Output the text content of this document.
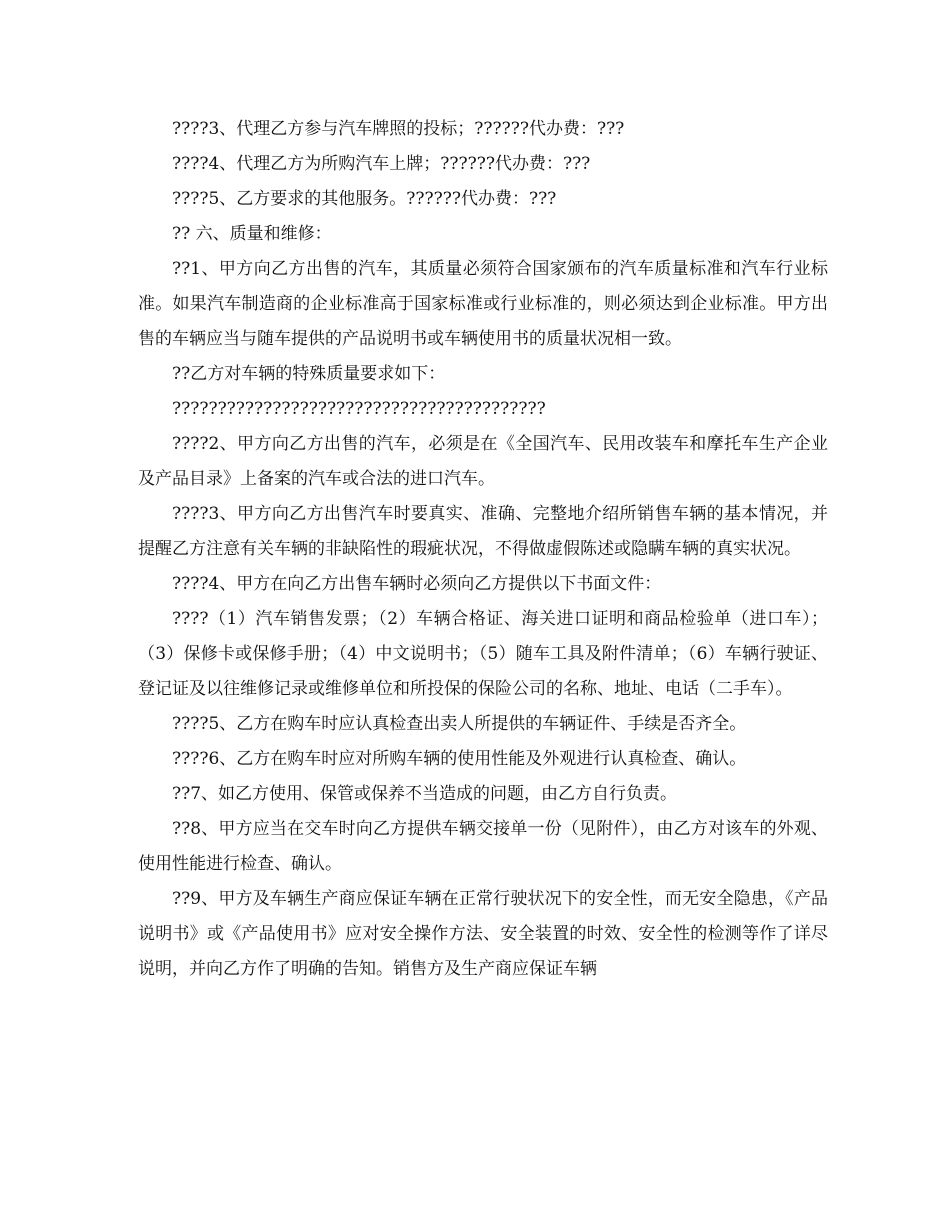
????3、代理乙方参与汽车牌照的投标；??????代办费：???

????4、代理乙方为所购汽车上牌；??????代办费：???

????5、乙方要求的其他服务。??????代办费：???

?? 六、质量和维修：

??1、甲方向乙方出售的汽车，其质量必须符合国家颁布的汽车质量标准和汽车行业标准。如果汽车制造商的企业标准高于国家标准或行业标准的，则必须达到企业标准。甲方出售的车辆应当与随车提供的产品说明书或车辆使用书的质量状况相一致。

??乙方对车辆的特殊质量要求如下：

?????????????????????????????????????????

????2、甲方向乙方出售的汽车，必须是在《全国汽车、民用改装车和摩托车生产企业及产品目录》上备案的汽车或合法的进口汽车。

????3、甲方向乙方出售汽车时要真实、准确、完整地介绍所销售车辆的基本情况，并提醒乙方注意有关车辆的非缺陷性的瑕疵状况，不得做虚假陈述或隐瞒车辆的真实状况。

????4、甲方在向乙方出售车辆时必须向乙方提供以下书面文件：

????（1）汽车销售发票；（2）车辆合格证、海关进口证明和商品检验单（进口车）；（3）保修卡或保修手册；（4）中文说明书；（5）随车工具及附件清单；（6）车辆行驶证、登记证及以往维修记录或维修单位和所投保的保险公司的名称、地址、电话（二手车）。

????5、乙方在购车时应认真检查出卖人所提供的车辆证件、手续是否齐全。

????6、乙方在购车时应对所购车辆的使用性能及外观进行认真检查、确认。

??7、如乙方使用、保管或保养不当造成的问题，由乙方自行负责。

??8、甲方应当在交车时向乙方提供车辆交接单一份（见附件），由乙方对该车的外观、使用性能进行检查、确认。

??9、甲方及车辆生产商应保证车辆在正常行驶状况下的安全性，而无安全隐患，《产品说明书》或《产品使用书》应对安全操作方法、安全装置的时效、安全性的检测等作了详尽说明，并向乙方作了明确的告知。销售方及生产商应保证车辆
